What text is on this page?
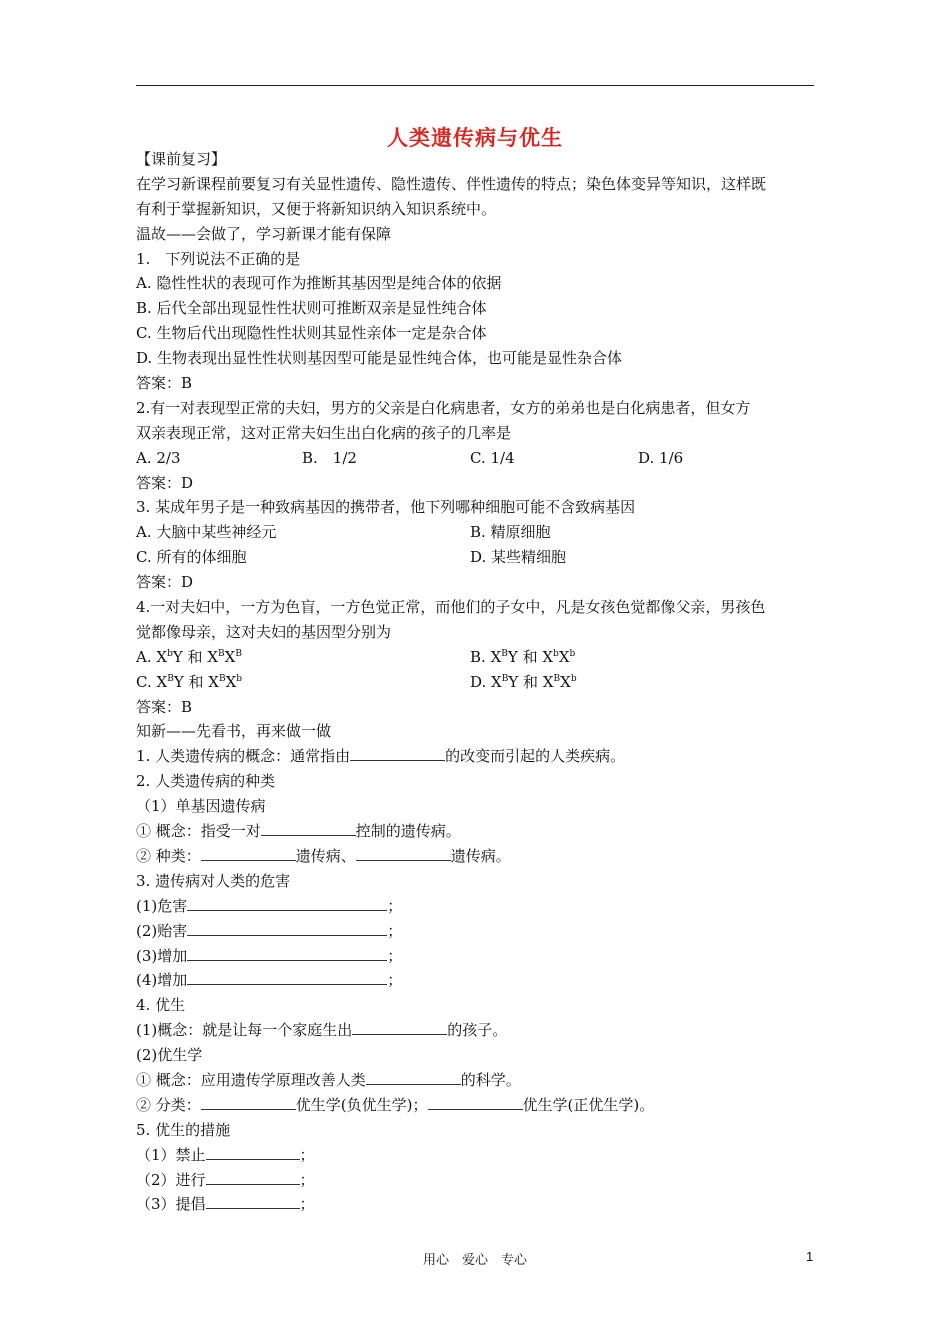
人类遗传病与优生
【课前复习】
在学习新课程前要复习有关显性遗传、隐性遗传、伴性遗传的特点；染色体变异等知识，这样既
有利于掌握新知识，又便于将新知识纳入知识系统中。
温故——会做了，学习新课才能有保障
1.　下列说法不正确的是
A. 隐性性状的表现可作为推断其基因型是纯合体的依据
B. 后代全部出现显性性状则可推断双亲是显性纯合体
C. 生物后代出现隐性性状则其显性亲体一定是杂合体
D. 生物表现出显性性状则基因型可能是显性纯合体，也可能是显性杂合体
答案：B
2.有一对表现型正常的夫妇，男方的父亲是白化病患者，女方的弟弟也是白化病患者，但女方
双亲表现正常，这对正常夫妇生出白化病的孩子的几率是
A. 2/3	B.　1/2	C. 1/4	D. 1/6
答案：D
3. 某成年男子是一种致病基因的携带者，他下列哪种细胞可能不含致病基因
A. 大脑中某些神经元	B. 精原细胞
C. 所有的体细胞	D. 某些精细胞
答案：D
4.一对夫妇中，一方为色盲，一方色觉正常，而他们的子女中，凡是女孩色觉都像父亲，男孩色
觉都像母亲，这对夫妇的基因型分别为
A. $X^bY$ 和 $X^BX^B$	B. $X^BY$ 和 $X^bX^b$
C. $X^BY$ 和 $X^BX^b$	D. $X^BY$ 和 $X^BX^b$
答案：B
知新——先看书，再来做一做
1. 人类遗传病的概念：通常指由	的改变而引起的人类疾病。
2. 人类遗传病的种类
（1）单基因遗传病
① 概念：指受一对	控制的遗传病。
② 种类：	遗传病、	遗传病。
3. 遗传病对人类的危害
(1)危害	；
(2)贻害	；
(3)增加	；
(4)增加	；
4. 优生
(1)概念：就是让每一个家庭生出	的孩子。
(2)优生学
① 概念：应用遗传学原理改善人类	的科学。
② 分类：	优生学(负优生学)；	优生学(正优生学)。
5. 优生的措施
（1）禁止	；
（2）进行	；
（3）提倡	；
用心　爱心　专心	1
